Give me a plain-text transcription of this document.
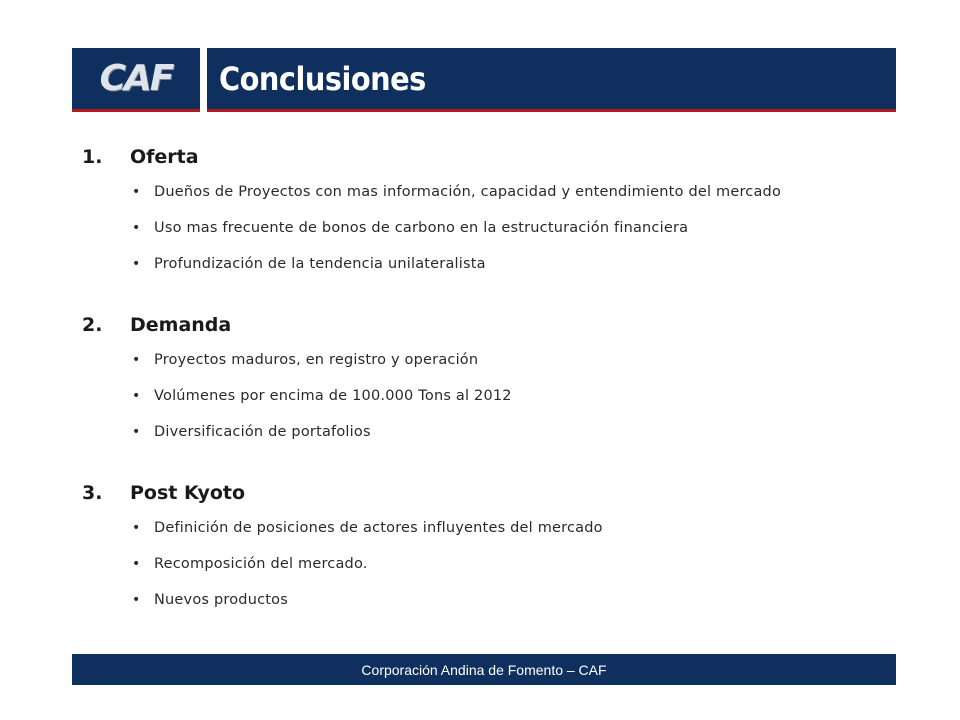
CAF Conclusiones
1.	Oferta
• Dueños de Proyectos con mas información, capacidad y entendimiento del mercado
• Uso mas frecuente de bonos de carbono en la estructuración financiera
• Profundización de la tendencia unilateralista
2.	Demanda
• Proyectos maduros, en registro y operación
• Volúmenes por encima de 100.000 Tons al 2012
• Diversificación de portafolios
3.	Post Kyoto
• Definición de posiciones de actores influyentes del mercado
• Recomposición del mercado.
• Nuevos productos
Corporación Andina de Fomento – CAF
